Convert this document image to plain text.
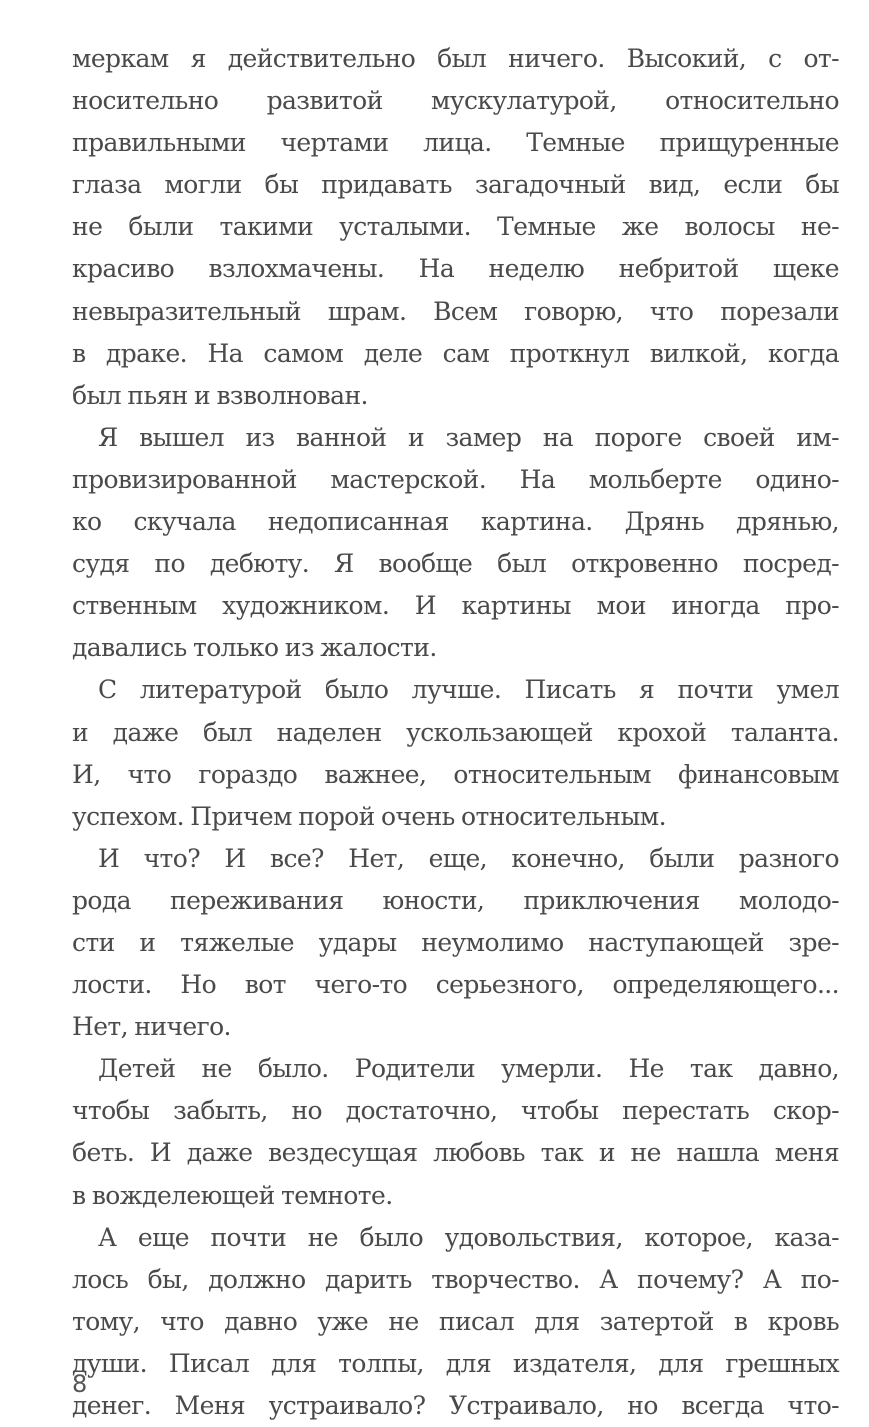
меркам я действительно был ничего. Высокий, с от-
носительно развитой мускулатурой, относительно
правильными чертами лица. Темные прищуренные
глаза могли бы придавать загадочный вид, если бы
не были такими усталыми. Темные же волосы не-
красиво взлохмачены. На неделю небритой щеке
невыразительный шрам. Всем говорю, что порезали
в драке. На самом деле сам проткнул вилкой, когда
был пьян и взволнован.
Я вышел из ванной и замер на пороге своей им-
провизированной мастерской. На мольберте одино-
ко скучала недописанная картина. Дрянь дрянью,
судя по дебюту. Я вообще был откровенно посред-
ственным художником. И картины мои иногда про-
давались только из жалости.
С литературой было лучше. Писать я почти умел
и даже был наделен ускользающей крохой таланта.
И, что гораздо важнее, относительным финансовым
успехом. Причем порой очень относительным.
И что? И все? Нет, еще, конечно, были разного
рода переживания юности, приключения молодо-
сти и тяжелые удары неумолимо наступающей зре-
лости. Но вот чего-то серьезного, определяющего...
Нет, ничего.
Детей не было. Родители умерли. Не так давно,
чтобы забыть, но достаточно, чтобы перестать скор-
беть. И даже вездесущая любовь так и не нашла меня
в вожделеющей темноте.
А еще почти не было удовольствия, которое, каза-
лось бы, должно дарить творчество. А почему? А по-
тому, что давно уже не писал для затертой в кровь
души. Писал для толпы, для издателя, для грешных
денег. Меня устраивало? Устраивало, но всегда что-
8
